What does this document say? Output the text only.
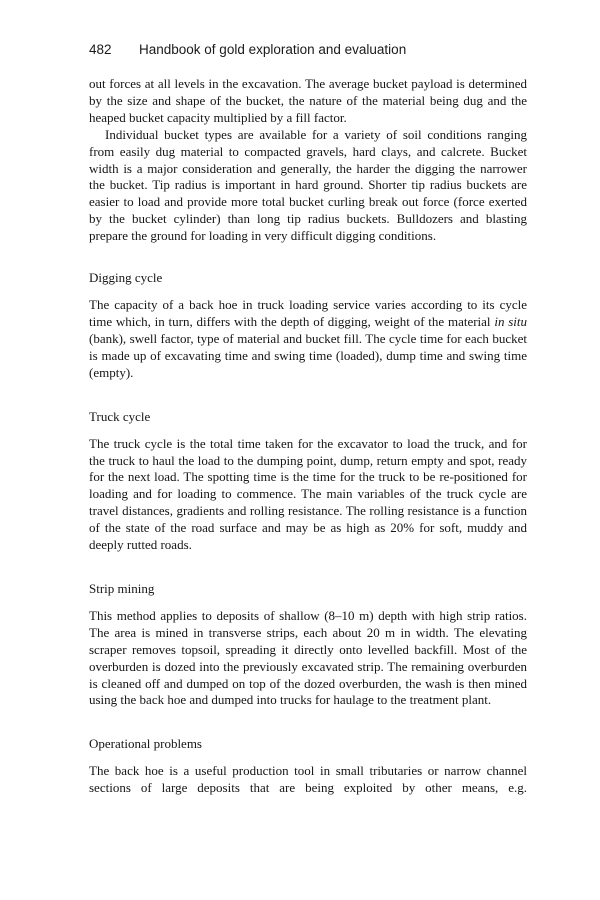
482 Handbook of gold exploration and evaluation

out forces at all levels in the excavation. The average bucket payload is determined by the size and shape of the bucket, the nature of the material being dug and the heaped bucket capacity multiplied by a fill factor.

Individual bucket types are available for a variety of soil conditions ranging from easily dug material to compacted gravels, hard clays, and calcrete. Bucket width is a major consideration and generally, the harder the digging the narrower the bucket. Tip radius is important in hard ground. Shorter tip radius buckets are easier to load and provide more total bucket curling break out force (force exerted by the bucket cylinder) than long tip radius buckets. Bulldozers and blasting prepare the ground for loading in very difficult digging conditions.

Digging cycle

The capacity of a back hoe in truck loading service varies according to its cycle time which, in turn, differs with the depth of digging, weight of the material in situ (bank), swell factor, type of material and bucket fill. The cycle time for each bucket is made up of excavating time and swing time (loaded), dump time and swing time (empty).

Truck cycle

The truck cycle is the total time taken for the excavator to load the truck, and for the truck to haul the load to the dumping point, dump, return empty and spot, ready for the next load. The spotting time is the time for the truck to be re-positioned for loading and for loading to commence. The main variables of the truck cycle are travel distances, gradients and rolling resistance. The rolling resistance is a function of the state of the road surface and may be as high as 20% for soft, muddy and deeply rutted roads.

Strip mining

This method applies to deposits of shallow (8–10 m) depth with high strip ratios. The area is mined in transverse strips, each about 20 m in width. The elevating scraper removes topsoil, spreading it directly onto levelled backfill. Most of the overburden is dozed into the previously excavated strip. The remaining overburden is cleaned off and dumped on top of the dozed overburden, the wash is then mined using the back hoe and dumped into trucks for haulage to the treatment plant.

Operational problems

The back hoe is a useful production tool in small tributaries or narrow channel sections of large deposits that are being exploited by other means, e.g.
